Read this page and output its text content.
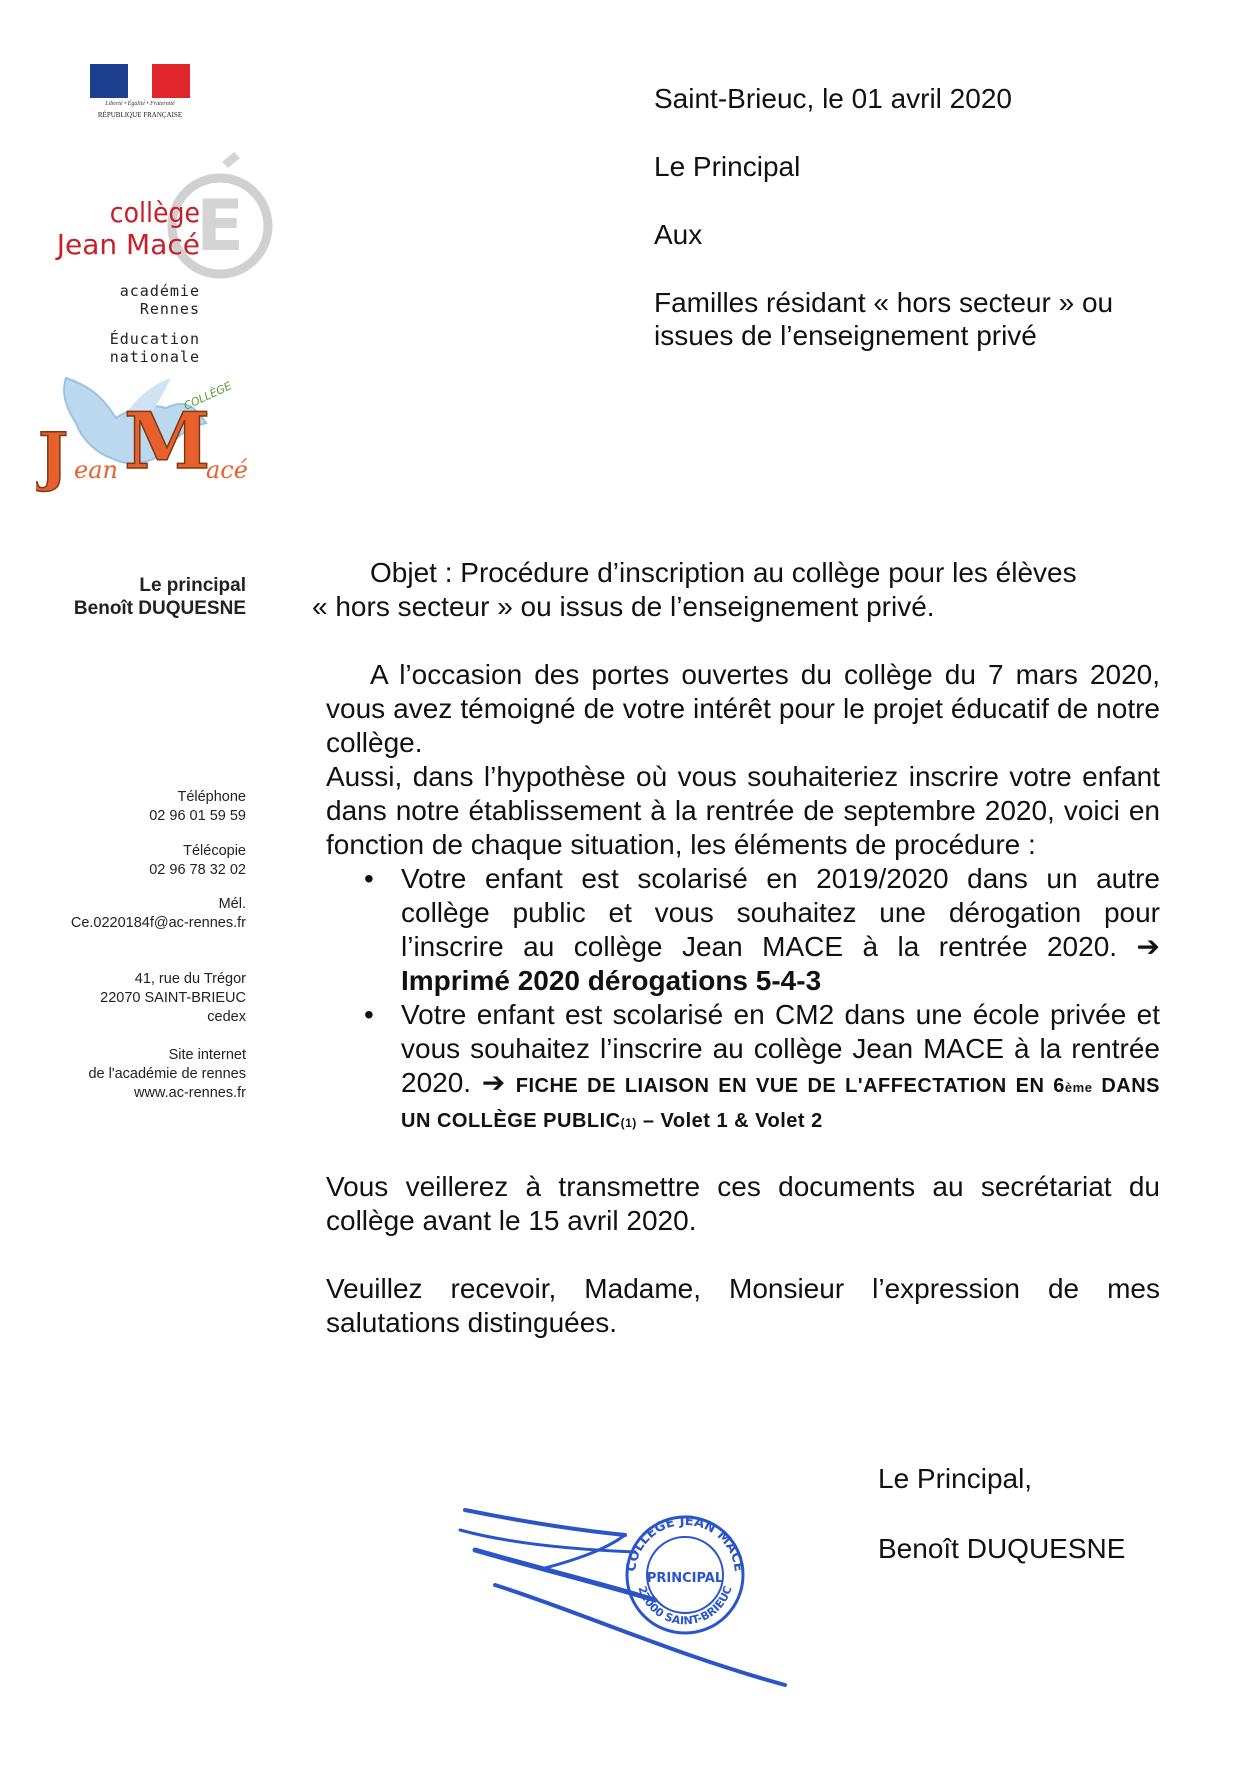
Liberté • Égalité • Fraternité
RÉPUBLIQUE FRANÇAISE
E
collège
Jean Macé
académie
Rennes
Éducation
nationale
COLLÈGE
J M
ean	acé
Le principal
Benoît DUQUESNE
Téléphone
02 96 01 59 59
Télécopie
02 96 78 32 02
Mél.
Ce.0220184f@ac-rennes.fr
41, rue du Trégor
22070 SAINT-BRIEUC
cedex
Site internet
de l'académie de rennes
www.ac-rennes.fr
Saint-Brieuc, le 01 avril 2020
Le Principal
Aux
Familles résidant « hors secteur » ou
issues de l’enseignement privé
Objet : Procédure d’inscription au collège pour les élèves
« hors secteur » ou issus de l’enseignement privé.
A l’occasion des portes ouvertes du collège du 7 mars 2020, vous avez témoigné de votre intérêt pour le projet éducatif de notre collège.
Aussi, dans l’hypothèse où vous souhaiteriez inscrire votre enfant dans notre établissement à la rentrée de septembre 2020, voici en fonction de chaque situation, les éléments de procédure :
• Votre enfant est scolarisé en 2019/2020 dans un autre collège public et vous souhaitez une dérogation pour l’inscrire au collège Jean MACE à la rentrée 2020. ➔ Imprimé 2020 dérogations 5-4-3
• Votre enfant est scolarisé en CM2 dans une école privée et vous souhaitez l’inscrire au collège Jean MACE à la rentrée 2020. ➔ FICHE DE LIAISON EN VUE DE L'AFFECTATION EN 6ème DANS UN COLLÈGE PUBLIC(1) – Volet 1 & Volet 2
Vous veillerez à transmettre ces documents au secrétariat du collège avant le 15 avril 2020.
Veuillez recevoir, Madame, Monsieur l’expression de mes salutations distinguées.
Le Principal,
Benoît DUQUESNE
COLLEGE JEAN MACE
22000 SAINT-BRIEUC
PRINCIPAL
